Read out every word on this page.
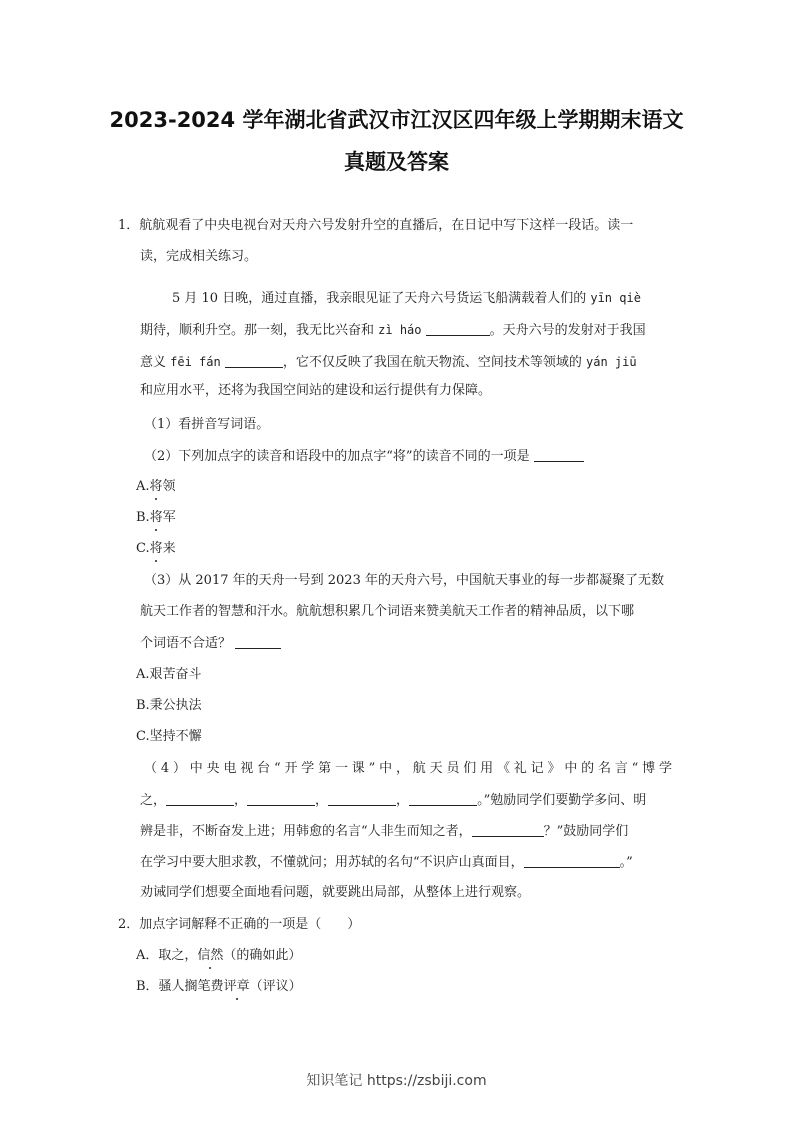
2023-2024 学年湖北省武汉市江汉区四年级上学期期末语文
真题及答案
1．航航观看了中央电视台对天舟六号发射升空的直播后，在日记中写下这样一段话。读一
读，完成相关练习。
5 月 10 日晚，通过直播，我亲眼见证了天舟六号货运飞船满载着人们的 yīn qiè
期待，顺利升空。那一刻，我无比兴奋和 zì háo	。天舟六号的发射对于我国
意义 fēi fán	，它不仅反映了我国在航天物流、空间技术等领域的 yán jiū
和应用水平，还将为我国空间站的建设和运行提供有力保障。
（1）看拼音写词语。
（2）下列加点字的读音和语段中的加点字“将”的读音不同的一项是
A.将领
B.将军
C.将来
（3）从 2017 年的天舟一号到 2023 年的天舟六号，中国航天事业的每一步都凝聚了无数
航天工作者的智慧和汗水。航航想积累几个词语来赞美航天工作者的精神品质，以下哪
个词语不合适？
A.艰苦奋斗
B.秉公执法
C.坚持不懈
（4）中央电视台“开学第一课”中，航天员们用《礼记》中的名言“博学
之，	，	，	，	。”勉励同学们要勤学多问、明
辨是非，不断奋发上进；用韩愈的名言“人非生而知之者，	？”鼓励同学们
在学习中要大胆求教，不懂就问；用苏轼的名句“不识庐山真面目，	。”
劝诫同学们想要全面地看问题，就要跳出局部，从整体上进行观察。
2．加点字词解释不正确的一项是（　　）
A．取之，信然（的确如此）
B．骚人搁笔费评章（评议）
知识笔记 https://zsbiji.com
